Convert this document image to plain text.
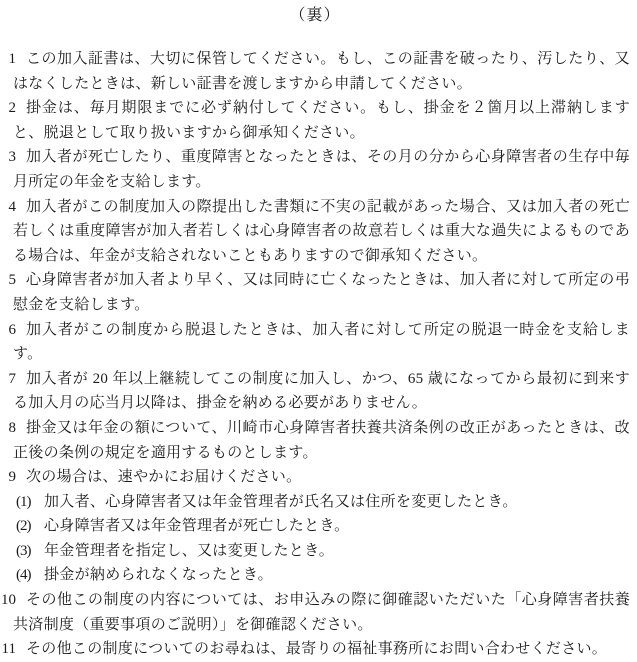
（裏）
1 この加入証書は、大切に保管してください。もし、この証書を破ったり、汚したり、又はなくしたときは、新しい証書を渡しますから申請してください。
2 掛金は、毎月期限までに必ず納付してください。もし、掛金を２箇月以上滞納しますと、脱退として取り扱いますから御承知ください。
3 加入者が死亡したり、重度障害となったときは、その月の分から心身障害者の生存中毎月所定の年金を支給します。
4 加入者がこの制度加入の際提出した書類に不実の記載があった場合、又は加入者の死亡若しくは重度障害が加入者若しくは心身障害者の故意若しくは重大な過失によるものである場合は、年金が支給されないこともありますので御承知ください。
5 心身障害者が加入者より早く、又は同時に亡くなったときは、加入者に対して所定の弔慰金を支給します。
6 加入者がこの制度から脱退したときは、加入者に対して所定の脱退一時金を支給します。
7 加入者が 20 年以上継続してこの制度に加入し、かつ、65 歳になってから最初に到来する加入月の応当月以降は、掛金を納める必要がありません。
8 掛金又は年金の額について、川崎市心身障害者扶養共済条例の改正があったときは、改正後の条例の規定を適用するものとします。
9 次の場合は、速やかにお届けください。
(1) 加入者、心身障害者又は年金管理者が氏名又は住所を変更したとき。
(2) 心身障害者又は年金管理者が死亡したとき。
(3) 年金管理者を指定し、又は変更したとき。
(4) 掛金が納められなくなったとき。
10 その他この制度の内容については、お申込みの際に御確認いただいた「心身障害者扶養共済制度（重要事項のご説明）」を御確認ください。
11 その他この制度についてのお尋ねは、最寄りの福祉事務所にお問い合わせください。
